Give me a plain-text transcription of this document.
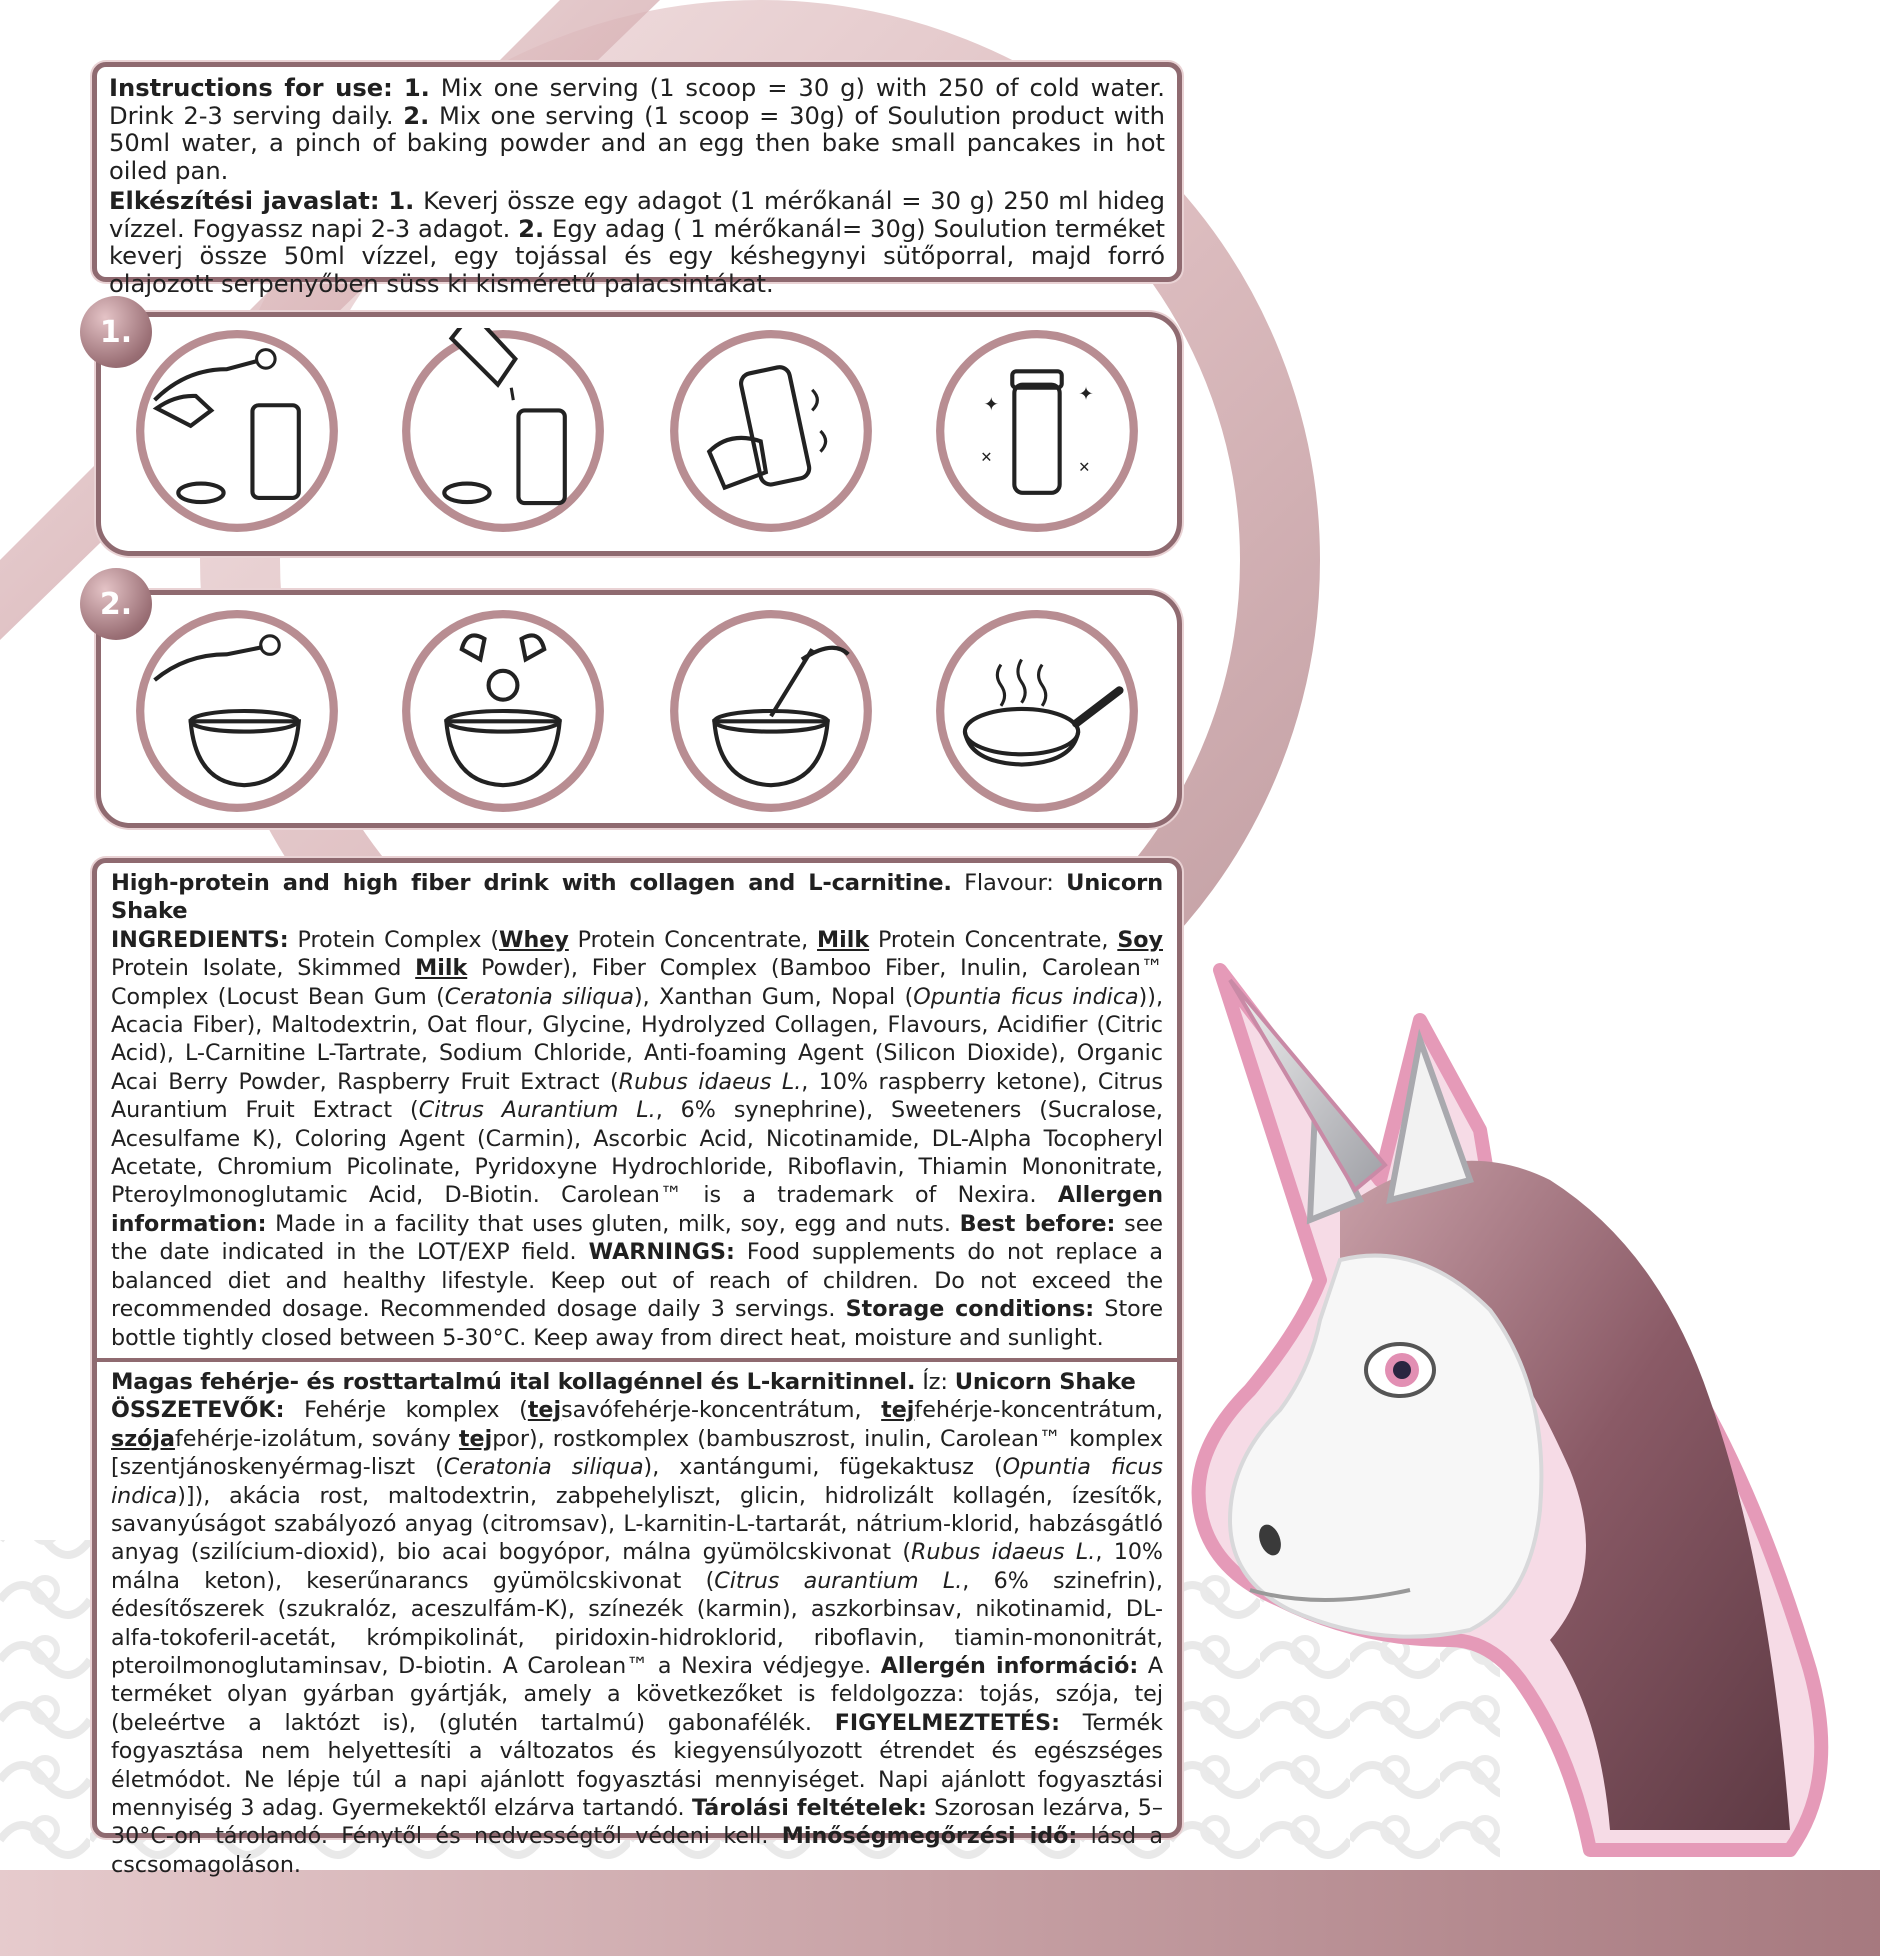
Instructions for use: 1. Mix one serving (1 scoop = 30 g) with 250 of cold water. Drink 2-3 serving daily. 2. Mix one serving (1 scoop = 30g) of Soulution product with 50ml water, a pinch of baking powder and an egg then bake small pancakes in hot oiled pan.

Elkészítési javaslat: 1. Keverj össze egy adagot (1 mérőkanál = 30 g) 250 ml hideg vízzel. Fogyassz napi 2-3 adagot. 2. Egy adag ( 1 mérőkanál= 30g) Soulution terméket keverj össze 50ml vízzel, egy tojással és egy késhegynyi sütőporral, majd forró olajozott serpenyőben süss ki kisméretű palacsintákat.

1.
✦	✦
✕
✕
2.

High-protein and high fiber drink with collagen and L-carnitine. Flavour: Unicorn Shake

INGREDIENTS: Protein Complex (Whey Protein Concentrate, Milk Protein Concentrate, Soy Protein Isolate, Skimmed Milk Powder), Fiber Complex (Bamboo Fiber, Inulin, Carolean™ Complex (Locust Bean Gum (Ceratonia siliqua), Xanthan Gum, Nopal (Opuntia ficus indica)), Acacia Fiber), Maltodextrin, Oat flour, Glycine, Hydrolyzed Collagen, Flavours, Acidifier (Citric Acid), L-Carnitine L-Tartrate, Sodium Chloride, Anti-foaming Agent (Silicon Dioxide), Organic Acai Berry Powder, Raspberry Fruit Extract (Rubus idaeus L., 10% raspberry ketone), Citrus Aurantium Fruit Extract (Citrus Aurantium L., 6% synephrine), Sweeteners (Sucralose, Acesulfame K), Coloring Agent (Carmin), Ascorbic Acid, Nicotinamide, DL-Alpha Tocopheryl Acetate, Chromium Picolinate, Pyridoxyne Hydrochloride, Riboflavin, Thiamin Mononitrate, Pteroylmonoglutamic Acid, D-Biotin. Carolean™ is a trademark of Nexira. Allergen information: Made in a facility that uses gluten, milk, soy, egg and nuts. Best before: see the date indicated in the LOT/EXP field. WARNINGS: Food supplements do not replace a balanced diet and healthy lifestyle. Keep out of reach of children. Do not exceed the recommended dosage. Recommended dosage daily 3 servings. Storage conditions: Store bottle tightly closed between 5-30°C. Keep away from direct heat, moisture and sunlight.

Magas fehérje- és rosttartalmú ital kollagénnel és L-karnitinnel. Íz: Unicorn Shake

ÖSSZETEVŐK: Fehérje komplex (tejsavófehérje-koncentrátum, tejfehérje-koncentrátum, szójafehérje-izolátum, sovány tejpor), rostkomplex (bambuszrost, inulin, Carolean™ komplex [szentjánoskenyérmag-liszt (Ceratonia siliqua), xantángumi, fügekaktusz (Opuntia ficus indica)]), akácia rost, maltodextrin, zabpehelyliszt, glicin, hidrolizált kollagén, ízesítők, savanyúságot szabályozó anyag (citromsav), L-karnitin-L-tartarát, nátrium-klorid, habzásgátló anyag (szilícium-dioxid), bio acai bogyópor, málna gyümölcskivonat (Rubus idaeus L., 10% málna keton), keserűnarancs gyümölcskivonat (Citrus aurantium L., 6% szinefrin), édesítőszerek (szukralóz, aceszulfám-K), színezék (karmin), aszkorbinsav, nikotinamid, DL-alfa-tokoferil-acetát, krómpikolinát, piridoxin-hidroklorid, riboflavin, tiamin-mononitrát, pteroilmonoglutaminsav, D-biotin. A Carolean™ a Nexira védjegye. Allergén információ: A terméket olyan gyárban gyártják, amely a következőket is feldolgozza: tojás, szója, tej (beleértve a laktózt is), (glutén tartalmú) gabonafélék. FIGYELMEZTETÉS: Termék fogyasztása nem helyettesíti a változatos és kiegyensúlyozott étrendet és egészséges életmódot. Ne lépje túl a napi ajánlott fogyasztási mennyiséget. Napi ajánlott fogyasztási mennyiség 3 adag. Gyermekektől elzárva tartandó. Tárolási feltételek: Szorosan lezárva, 5–30°C-on tárolandó. Fénytől és nedvességtől védeni kell. Minőségmegőrzési idő: lásd a cscsomagoláson.
